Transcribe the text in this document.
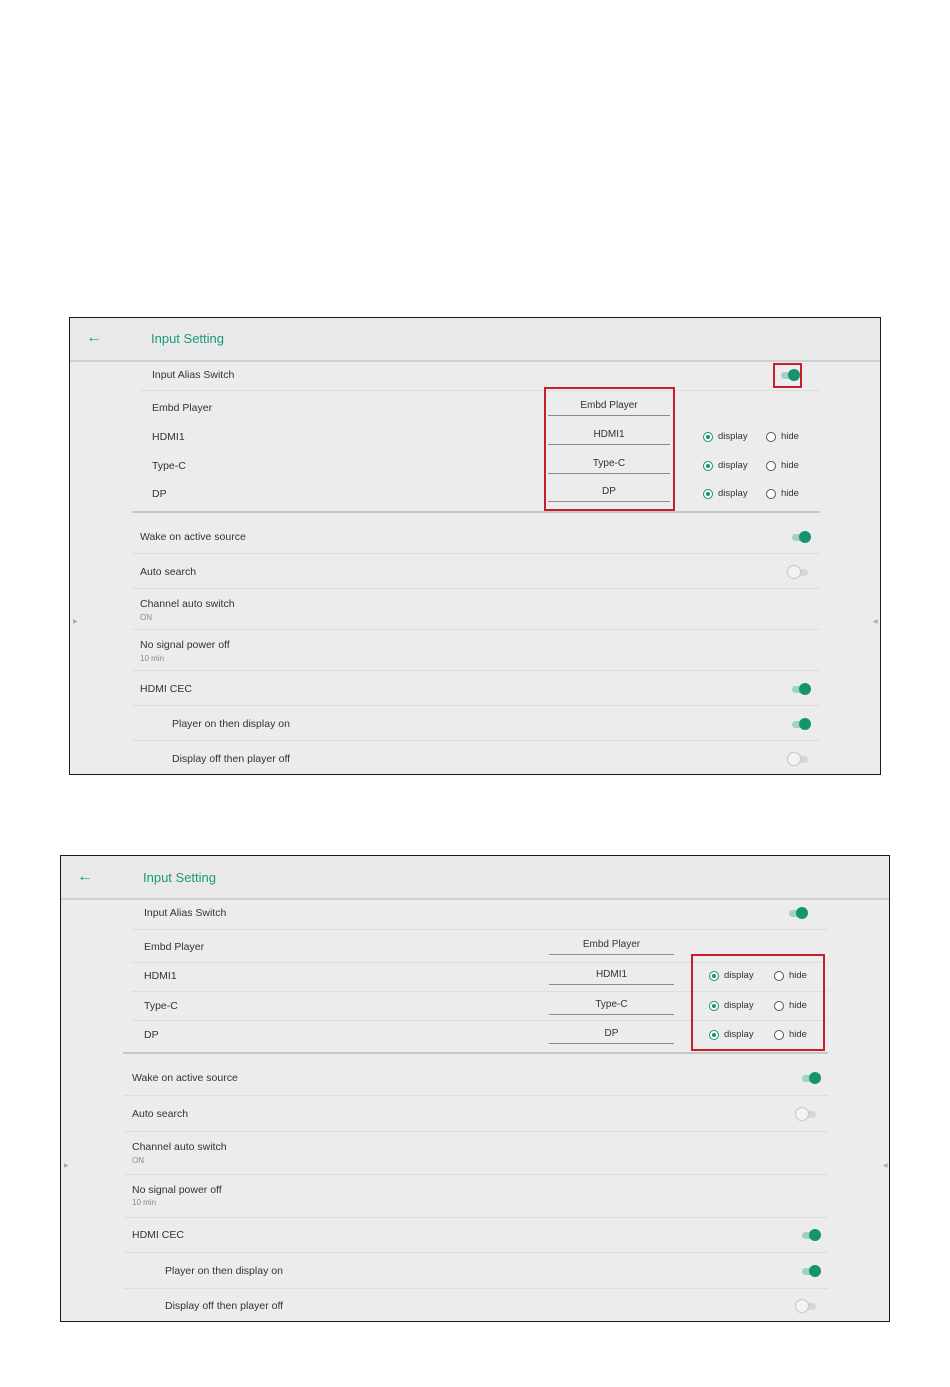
←	Input Setting
Input Alias Switch
Embd Player	Embd Player
HDMI1	HDMI1	display	hide
Type-C	Type-C	display	hide
DP	DP	display	hide
Wake on active source
Auto search
Channel auto switch
ON
No signal power off
10 min
HDMI CEC
Player on then display on
Display off then player off
▶	◀
←	Input Setting
Input Alias Switch
Embd Player	Embd Player
HDMI1	HDMI1	display	hide
Type-C	Type-C	display	hide
DP	DP	display	hide
Wake on active source
Auto search
Channel auto switch
ON
No signal power off
10 min
HDMI CEC
Player on then display on
Display off then player off
▶	◀
